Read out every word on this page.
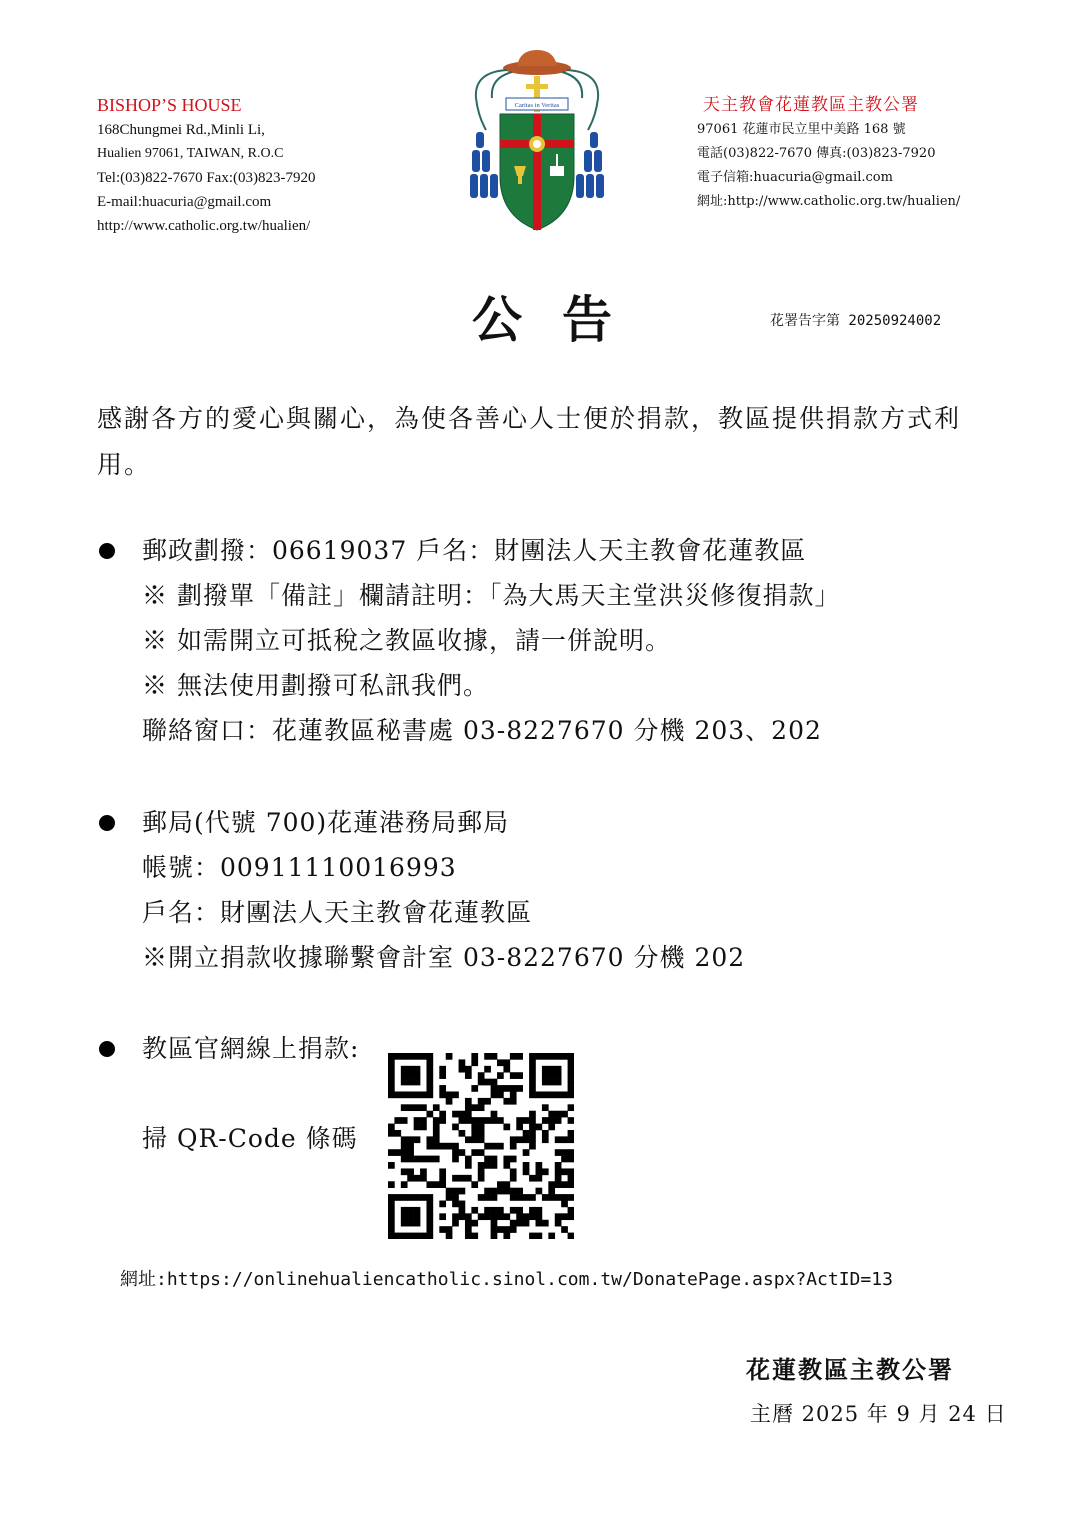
BISHOP’S HOUSE
168Chungmei Rd.,Minli Li,
Hualien 97061, TAIWAN, R.O.C
Tel:(03)822-7670 Fax:(03)823-7920
E-mail:huacuria@gmail.com
http://www.catholic.org.tw/hualien/
Caritas in Veritas	天主教會花蓮教區主教公署
97061 花蓮市民立里中美路 168 號
電話(03)822-7670 傳真:(03)823-7920
電子信箱:huacuria@gmail.com
網址:http://www.catholic.org.tw/hualien/
公告	花署告字第 20250924002
感謝各方的愛心與關心，為使各善心人士便於捐款，教區提供捐款方式利用。
郵政劃撥：06619037 戶名：財團法人天主教會花蓮教區
※ 劃撥單「備註」欄請註明：「為大馬天主堂洪災修復捐款」
※ 如需開立可抵稅之教區收據，請一併說明。
※ 無法使用劃撥可私訊我們。
聯絡窗口：花蓮教區秘書處 03-8227670 分機 203、202
郵局(代號 700)花蓮港務局郵局
帳號：00911110016993
戶名：財團法人天主教會花蓮教區
※開立捐款收據聯繫會計室 03-8227670 分機 202
教區官網線上捐款:
掃 QR-Code 條碼
網址:https://onlinehualiencatholic.sinol.com.tw/DonatePage.aspx?ActID=13
花蓮教區主教公署
主曆 2025 年 9 月 24 日
